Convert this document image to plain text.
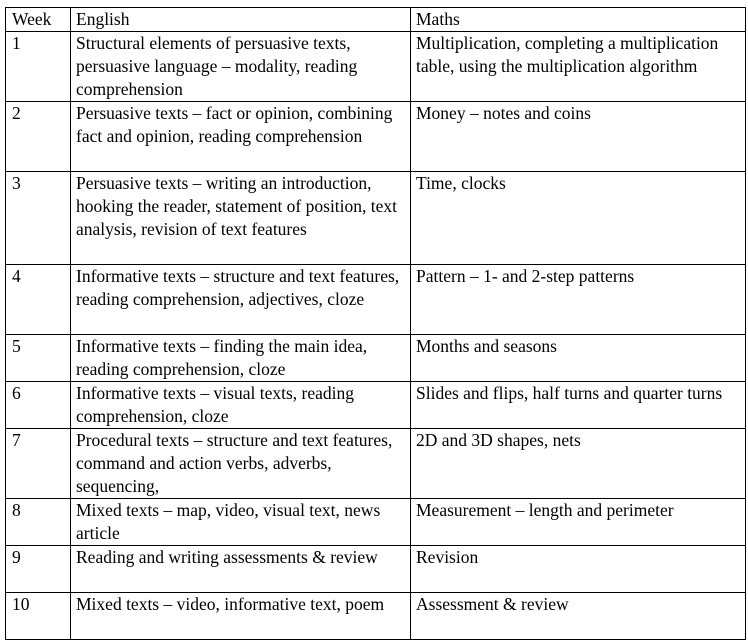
Week	English	Maths
1	Structural elements of persuasive texts, persuasive language – modality, reading comprehension	Multiplication, completing a multiplication table, using the multiplication algorithm
2	Persuasive texts – fact or opinion, combining fact and opinion, reading comprehension	Money – notes and coins
3	Persuasive texts – writing an introduction, hooking the reader, statement of position, text analysis, revision of text features	Time, clocks
4	Informative texts – structure and text features, reading comprehension, adjectives, cloze	Pattern – 1- and 2-step patterns
5	Informative texts – finding the main idea, reading comprehension, cloze	Months and seasons
6	Informative texts – visual texts, reading comprehension, cloze	Slides and flips, half turns and quarter turns
7	Procedural texts – structure and text features, command and action verbs, adverbs, sequencing,	2D and 3D shapes, nets
8	Mixed texts – map, video, visual text, news article	Measurement – length and perimeter
9	Reading and writing assessments & review	Revision
10	Mixed texts – video, informative text, poem	Assessment & review
